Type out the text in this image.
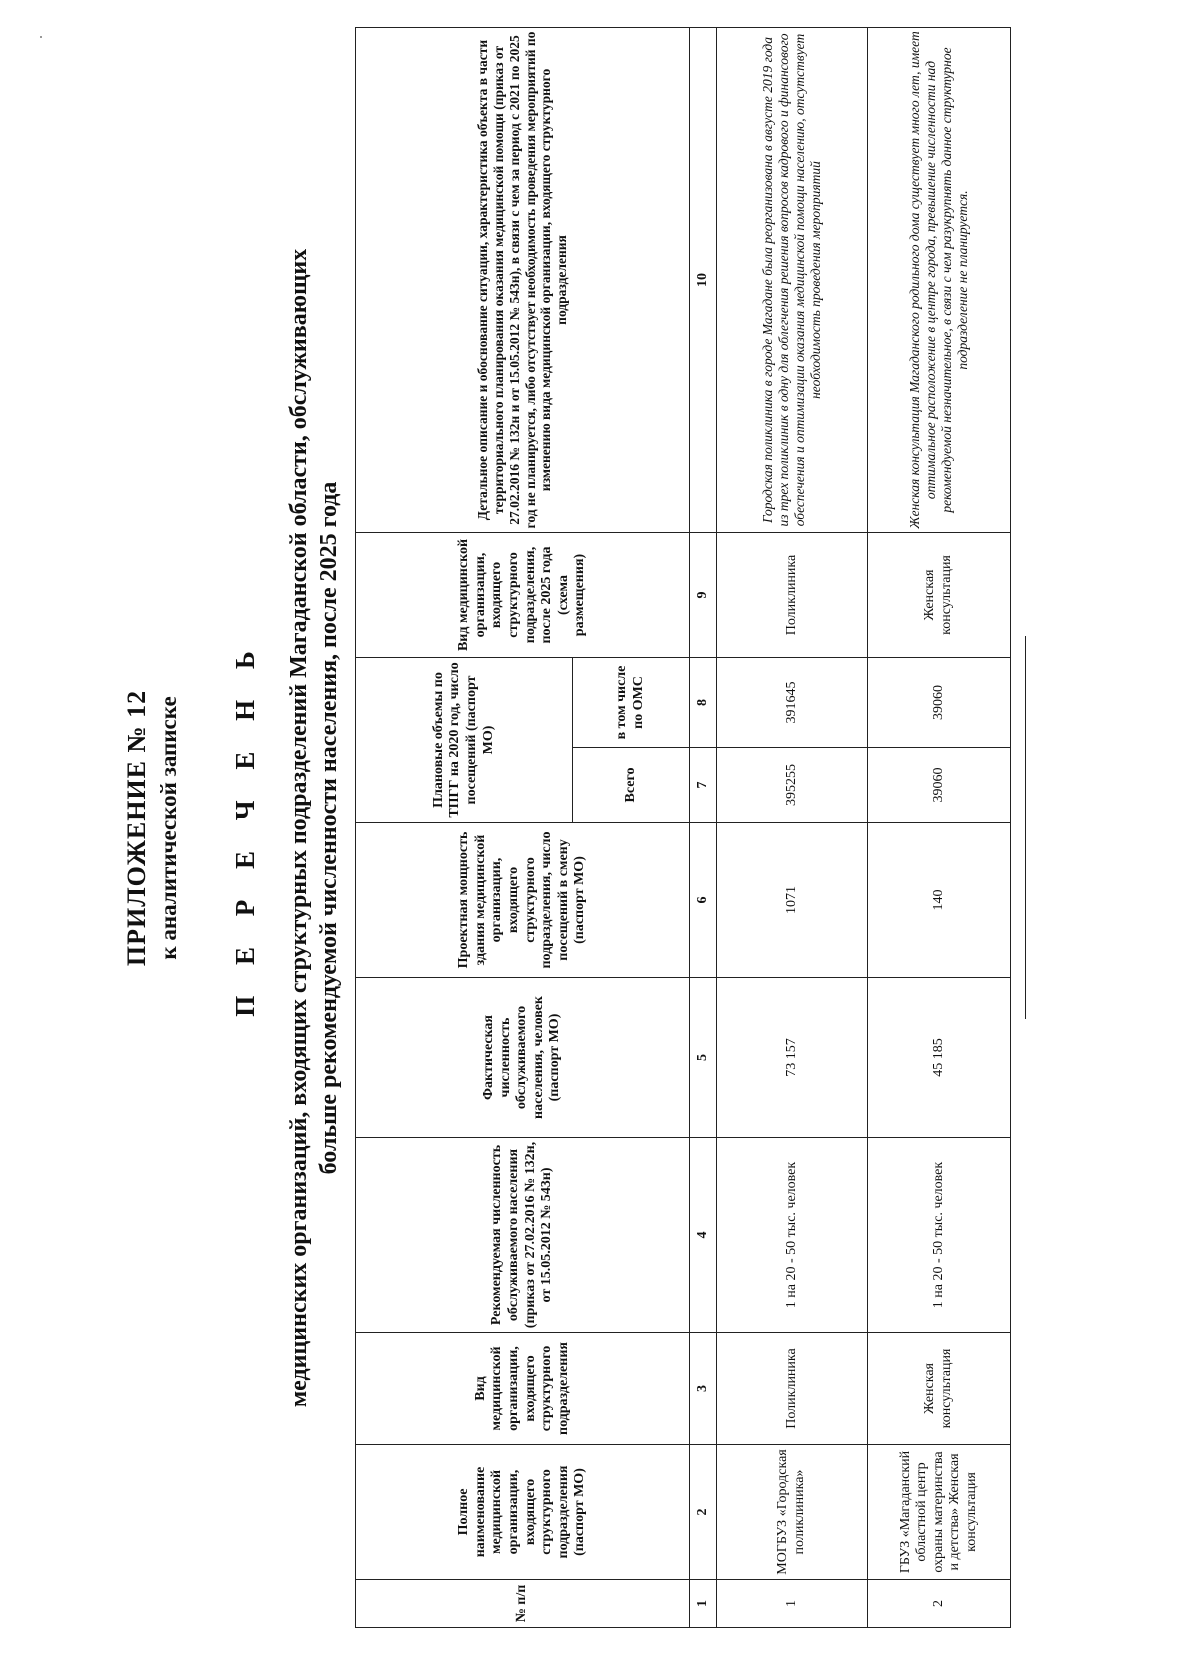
ПРИЛОЖЕНИЕ № 12 к аналитической записке П Е Р Е Ч Е Н Ь медицинских организаций, входящих структурных подразделений Магаданской области, обслуживающих больше рекомендуемой численности населения, после 2025 года
№ п/п	Полное наименование медицинской организации, входящего структурного подразделения (паспорт МО)	Вид медицинской организации, входящего структурного подразделения	Рекомендуемая численность обслуживаемого населения (приказ от 27.02.2016 № 132н, от 15.05.2012 № 543н)	Фактическая численность обслуживаемого населения, человек (паспорт МО)	Проектная мощность здания медицинской организации, входящего структурного подразделения, число посещений в смену (паспорт МО)	Плановые объемы по ТПГГ на 2020 год, число посещений (паспорт МО)		Вид медицинской организации, входящего структурного подразделения, после 2025 года (схема размещения)	Детальное описание и обоснование ситуации, характеристика объекта в части территориального планирования оказания медицинской помощи (приказ от 27.02.2016 № 132н и от 15.05.2012 № 543н), в связи с чем за период с 2021 по 2025 год не планируется, либо отсутствует необходимость проведения мероприятий по изменению вида медицинской организации, входящего структурного подразделения
						Всего	в том числе по ОМС		
1	2	3	4	5	6	7	8	9	10
1	МОГБУЗ «Городская поликлиника»	Поликлиника	1 на 20 - 50 тыс. человек	73 157	1071	395255	391645	Поликлиника	Городская поликлиника в городе Магадане была реорганизована в августе 2019 года из трех поликлиник в одну для облегчения решения вопросов кадрового и финансового обеспечения и оптимизации оказания медицинской помощи населению, отсутствует необходимость проведения мероприятий
2	ГБУЗ «Магаданский областной центр охраны материнства и детства» Женская консультация	Женская консультация	1 на 20 - 50 тыс. человек	45 185	140	39060	39060	Женская консультация	Женская консультация Магаданского родильного дома существует много лет, имеет оптимальное расположение в центре города, превышение численности над рекомендуемой незначительное, в связи с чем разукрупнять данное структурное подразделение не планируется.
